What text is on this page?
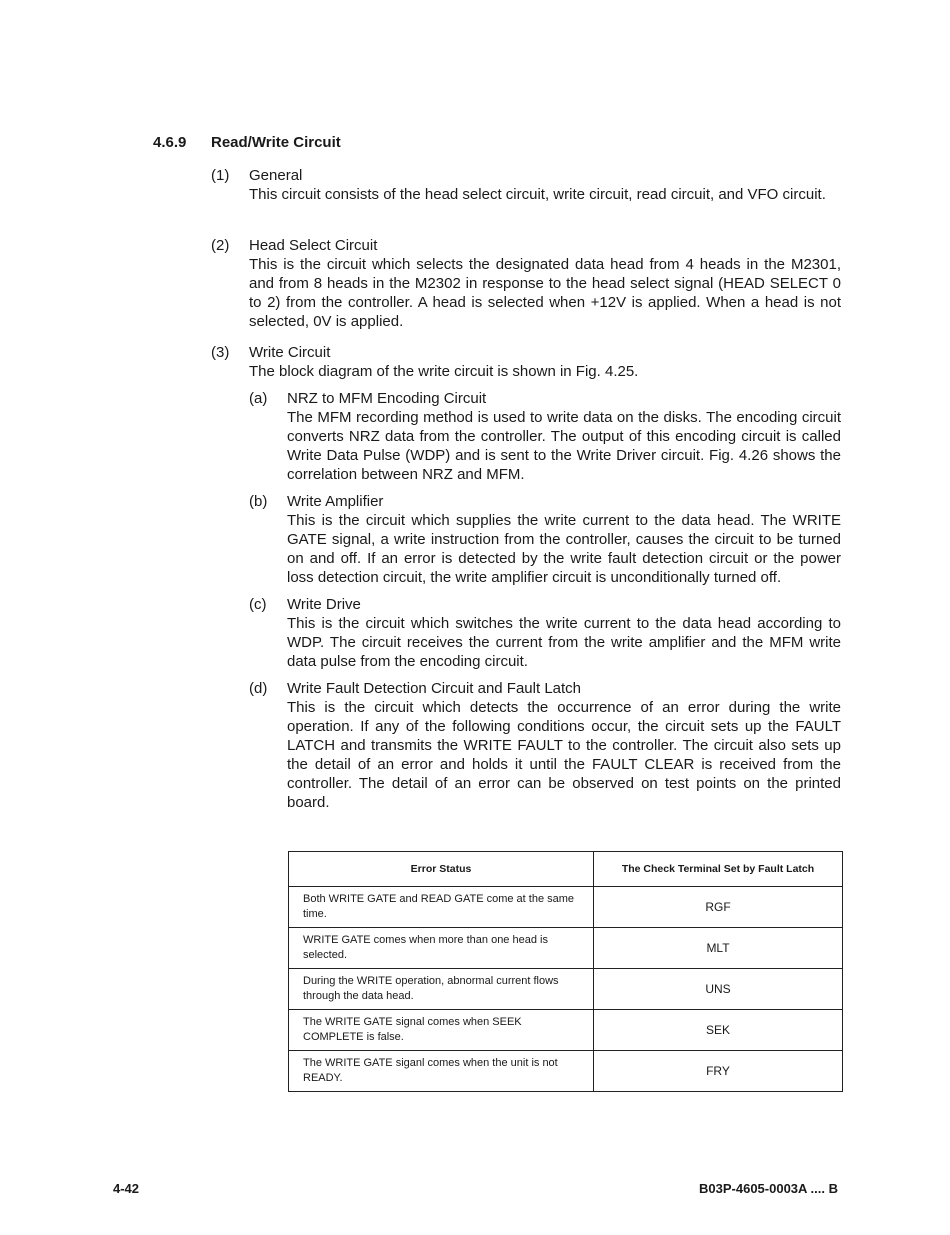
4.6.9 Read/Write Circuit
(1) General

This circuit consists of the head select circuit, write circuit, read circuit, and VFO circuit.

(2) Head Select Circuit

This is the circuit which selects the designated data head from 4 heads in the M2301, and from 8 heads in the M2302 in response to the head select signal (HEAD SELECT 0 to 2) from the controller. A head is selected when +12V is applied. When a head is not selected, 0V is applied.

(3) Write Circuit

The block diagram of the write circuit is shown in Fig. 4.25.

(a) NRZ to MFM Encoding Circuit

The MFM recording method is used to write data on the disks. The encoding circuit converts NRZ data from the controller. The output of this encoding circuit is called Write Data Pulse (WDP) and is sent to the Write Driver circuit. Fig. 4.26 shows the correlation between NRZ and MFM.

(b) Write Amplifier

This is the circuit which supplies the write current to the data head. The WRITE GATE signal, a write instruction from the controller, causes the circuit to be turned on and off. If an error is detected by the write fault detection circuit or the power loss detection circuit, the write amplifier circuit is unconditionally turned off.

(c) Write Drive

This is the circuit which switches the write current to the data head according to WDP. The circuit receives the current from the write amplifier and the MFM write data pulse from the encoding circuit.

(d) Write Fault Detection Circuit and Fault Latch

This is the circuit which detects the occurrence of an error during the write operation. If any of the following conditions occur, the circuit sets up the FAULT LATCH and transmits the WRITE FAULT to the controller. The circuit also sets up the detail of an error and holds it until the FAULT CLEAR is received from the controller. The detail of an error can be observed on test points on the printed board.

Error Status	The Check Terminal Set by Fault Latch
Both WRITE GATE and READ GATE come at the same time.	RGF
WRITE GATE comes when more than one head is selected.	MLT
During the WRITE operation, abnormal current flows through the data head.	UNS
The WRITE GATE signal comes when SEEK COMPLETE is false.	SEK
The WRITE GATE siganl comes when the unit is not READY.	FRY
4-42	B03P-4605-0003A .... B
